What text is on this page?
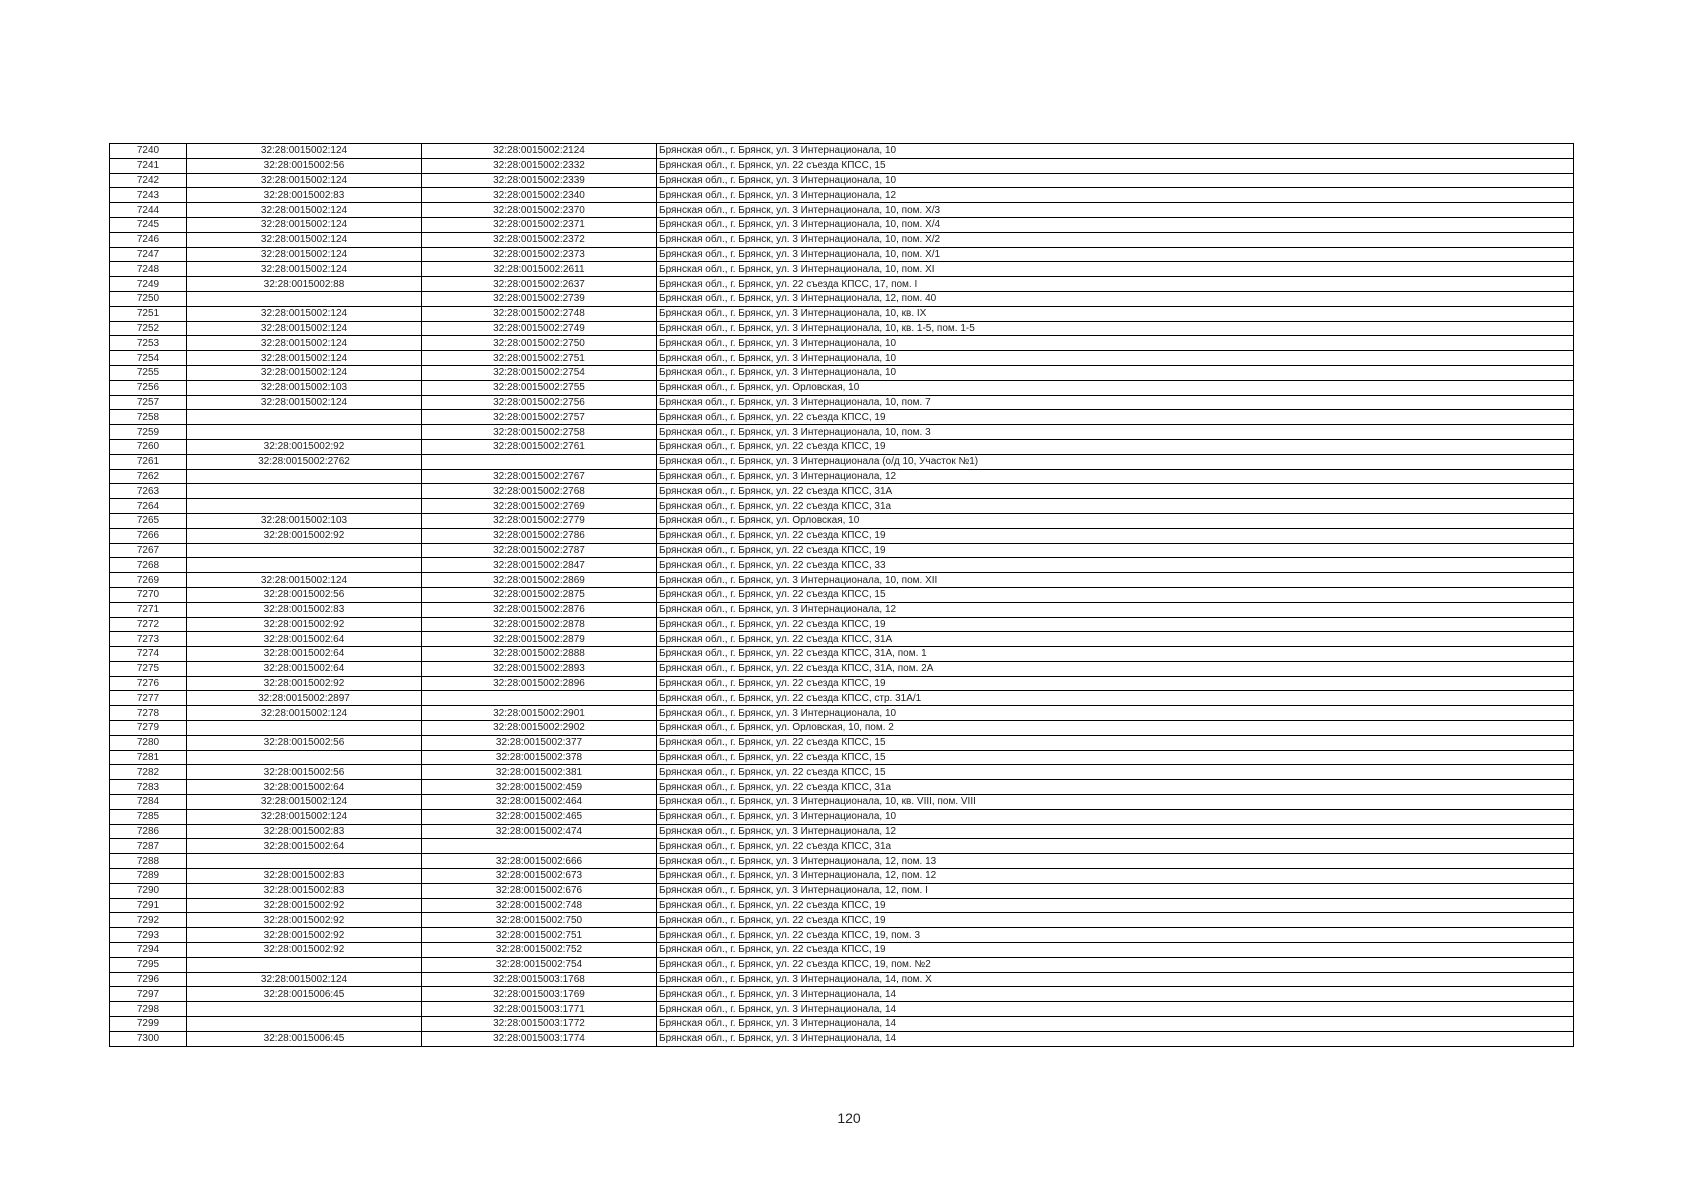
7240	32:28:0015002:124	32:28:0015002:2124	Брянская обл., г. Брянск, ул. 3 Интернационала, 10
7241	32:28:0015002:56	32:28:0015002:2332	Брянская обл., г. Брянск, ул. 22 съезда КПСС, 15
7242	32:28:0015002:124	32:28:0015002:2339	Брянская обл., г. Брянск, ул. 3 Интернационала, 10
7243	32:28:0015002:83	32:28:0015002:2340	Брянская обл., г. Брянск, ул. 3 Интернационала, 12
7244	32:28:0015002:124	32:28:0015002:2370	Брянская обл., г. Брянск, ул. 3 Интернационала, 10, пом. X/3
7245	32:28:0015002:124	32:28:0015002:2371	Брянская обл., г. Брянск, ул. 3 Интернационала, 10, пом. X/4
7246	32:28:0015002:124	32:28:0015002:2372	Брянская обл., г. Брянск, ул. 3 Интернационала, 10, пом. X/2
7247	32:28:0015002:124	32:28:0015002:2373	Брянская обл., г. Брянск, ул. 3 Интернационала, 10, пом. X/1
7248	32:28:0015002:124	32:28:0015002:2611	Брянская обл., г. Брянск, ул. 3 Интернационала, 10, пом. XI
7249	32:28:0015002:88	32:28:0015002:2637	Брянская обл., г. Брянск, ул. 22 съезда КПСС, 17, пом. I
7250		32:28:0015002:2739	Брянская обл., г. Брянск, ул. 3 Интернационала, 12, пом. 40
7251	32:28:0015002:124	32:28:0015002:2748	Брянская обл., г. Брянск, ул. 3 Интернационала, 10, кв. IX
7252	32:28:0015002:124	32:28:0015002:2749	Брянская обл., г. Брянск, ул. 3 Интернационала, 10, кв. 1-5, пом. 1-5
7253	32:28:0015002:124	32:28:0015002:2750	Брянская обл., г. Брянск, ул. 3 Интернационала, 10
7254	32:28:0015002:124	32:28:0015002:2751	Брянская обл., г. Брянск, ул. 3 Интернационала, 10
7255	32:28:0015002:124	32:28:0015002:2754	Брянская обл., г. Брянск, ул. 3 Интернационала, 10
7256	32:28:0015002:103	32:28:0015002:2755	Брянская обл., г. Брянск, ул. Орловская, 10
7257	32:28:0015002:124	32:28:0015002:2756	Брянская обл., г. Брянск, ул. 3 Интернационала, 10, пом. 7
7258		32:28:0015002:2757	Брянская обл., г. Брянск, ул. 22 съезда КПСС, 19
7259		32:28:0015002:2758	Брянская обл., г. Брянск, ул. 3 Интернационала, 10, пом. 3
7260	32:28:0015002:92	32:28:0015002:2761	Брянская обл., г. Брянск, ул. 22 съезда КПСС, 19
7261	32:28:0015002:2762		Брянская обл., г. Брянск, ул. 3 Интернационала (о/д 10, Участок №1)
7262		32:28:0015002:2767	Брянская обл., г. Брянск, ул. 3 Интернационала, 12
7263		32:28:0015002:2768	Брянская обл., г. Брянск, ул. 22 съезда КПСС, 31А
7264		32:28:0015002:2769	Брянская обл., г. Брянск, ул. 22 съезда КПСС, 31а
7265	32:28:0015002:103	32:28:0015002:2779	Брянская обл., г. Брянск, ул. Орловская, 10
7266	32:28:0015002:92	32:28:0015002:2786	Брянская обл., г. Брянск, ул. 22 съезда КПСС, 19
7267		32:28:0015002:2787	Брянская обл., г. Брянск, ул. 22 съезда КПСС, 19
7268		32:28:0015002:2847	Брянская обл., г. Брянск, ул. 22 съезда КПСС, 33
7269	32:28:0015002:124	32:28:0015002:2869	Брянская обл., г. Брянск, ул. 3 Интернационала, 10, пом. XII
7270	32:28:0015002:56	32:28:0015002:2875	Брянская обл., г. Брянск, ул. 22 съезда КПСС, 15
7271	32:28:0015002:83	32:28:0015002:2876	Брянская обл., г. Брянск, ул. 3 Интернационала, 12
7272	32:28:0015002:92	32:28:0015002:2878	Брянская обл., г. Брянск, ул. 22 съезда КПСС, 19
7273	32:28:0015002:64	32:28:0015002:2879	Брянская обл., г. Брянск, ул. 22 съезда КПСС, 31А
7274	32:28:0015002:64	32:28:0015002:2888	Брянская обл., г. Брянск, ул. 22 съезда КПСС, 31А, пом. 1
7275	32:28:0015002:64	32:28:0015002:2893	Брянская обл., г. Брянск, ул. 22 съезда КПСС, 31А, пом. 2А
7276	32:28:0015002:92	32:28:0015002:2896	Брянская обл., г. Брянск, ул. 22 съезда КПСС, 19
7277	32:28:0015002:2897		Брянская обл., г. Брянск, ул. 22 съезда КПСС, стр. 31А/1
7278	32:28:0015002:124	32:28:0015002:2901	Брянская обл., г. Брянск, ул. 3 Интернационала, 10
7279		32:28:0015002:2902	Брянская обл., г. Брянск, ул. Орловская, 10, пом. 2
7280	32:28:0015002:56	32:28:0015002:377	Брянская обл., г. Брянск, ул. 22 съезда КПСС, 15
7281		32:28:0015002:378	Брянская обл., г. Брянск, ул. 22 съезда КПСС, 15
7282	32:28:0015002:56	32:28:0015002:381	Брянская обл., г. Брянск, ул. 22 съезда КПСС, 15
7283	32:28:0015002:64	32:28:0015002:459	Брянская обл., г. Брянск, ул. 22 съезда КПСС, 31а
7284	32:28:0015002:124	32:28:0015002:464	Брянская обл., г. Брянск, ул. 3 Интернационала, 10, кв. VIII, пом. VIII
7285	32:28:0015002:124	32:28:0015002:465	Брянская обл., г. Брянск, ул. 3 Интернационала, 10
7286	32:28:0015002:83	32:28:0015002:474	Брянская обл., г. Брянск, ул. 3 Интернационала, 12
7287	32:28:0015002:64		Брянская обл., г. Брянск, ул. 22 съезда КПСС, 31а
7288		32:28:0015002:666	Брянская обл., г. Брянск, ул. 3 Интернационала, 12, пом. 13
7289	32:28:0015002:83	32:28:0015002:673	Брянская обл., г. Брянск, ул. 3 Интернационала, 12, пом. 12
7290	32:28:0015002:83	32:28:0015002:676	Брянская обл., г. Брянск, ул. 3 Интернационала, 12, пом. I
7291	32:28:0015002:92	32:28:0015002:748	Брянская обл., г. Брянск, ул. 22 съезда КПСС, 19
7292	32:28:0015002:92	32:28:0015002:750	Брянская обл., г. Брянск, ул. 22 съезда КПСС, 19
7293	32:28:0015002:92	32:28:0015002:751	Брянская обл., г. Брянск, ул. 22 съезда КПСС, 19, пом. 3
7294	32:28:0015002:92	32:28:0015002:752	Брянская обл., г. Брянск, ул. 22 съезда КПСС, 19
7295		32:28:0015002:754	Брянская обл., г. Брянск, ул. 22 съезда КПСС, 19, пом. №2
7296	32:28:0015002:124	32:28:0015003:1768	Брянская обл., г. Брянск, ул. 3 Интернационала, 14, пом. X
7297	32:28:0015006:45	32:28:0015003:1769	Брянская обл., г. Брянск, ул. 3 Интернационала, 14
7298		32:28:0015003:1771	Брянская обл., г. Брянск, ул. 3 Интернационала, 14
7299		32:28:0015003:1772	Брянская обл., г. Брянск, ул. 3 Интернационала, 14
7300	32:28:0015006:45	32:28:0015003:1774	Брянская обл., г. Брянск, ул. 3 Интернационала, 14
120
